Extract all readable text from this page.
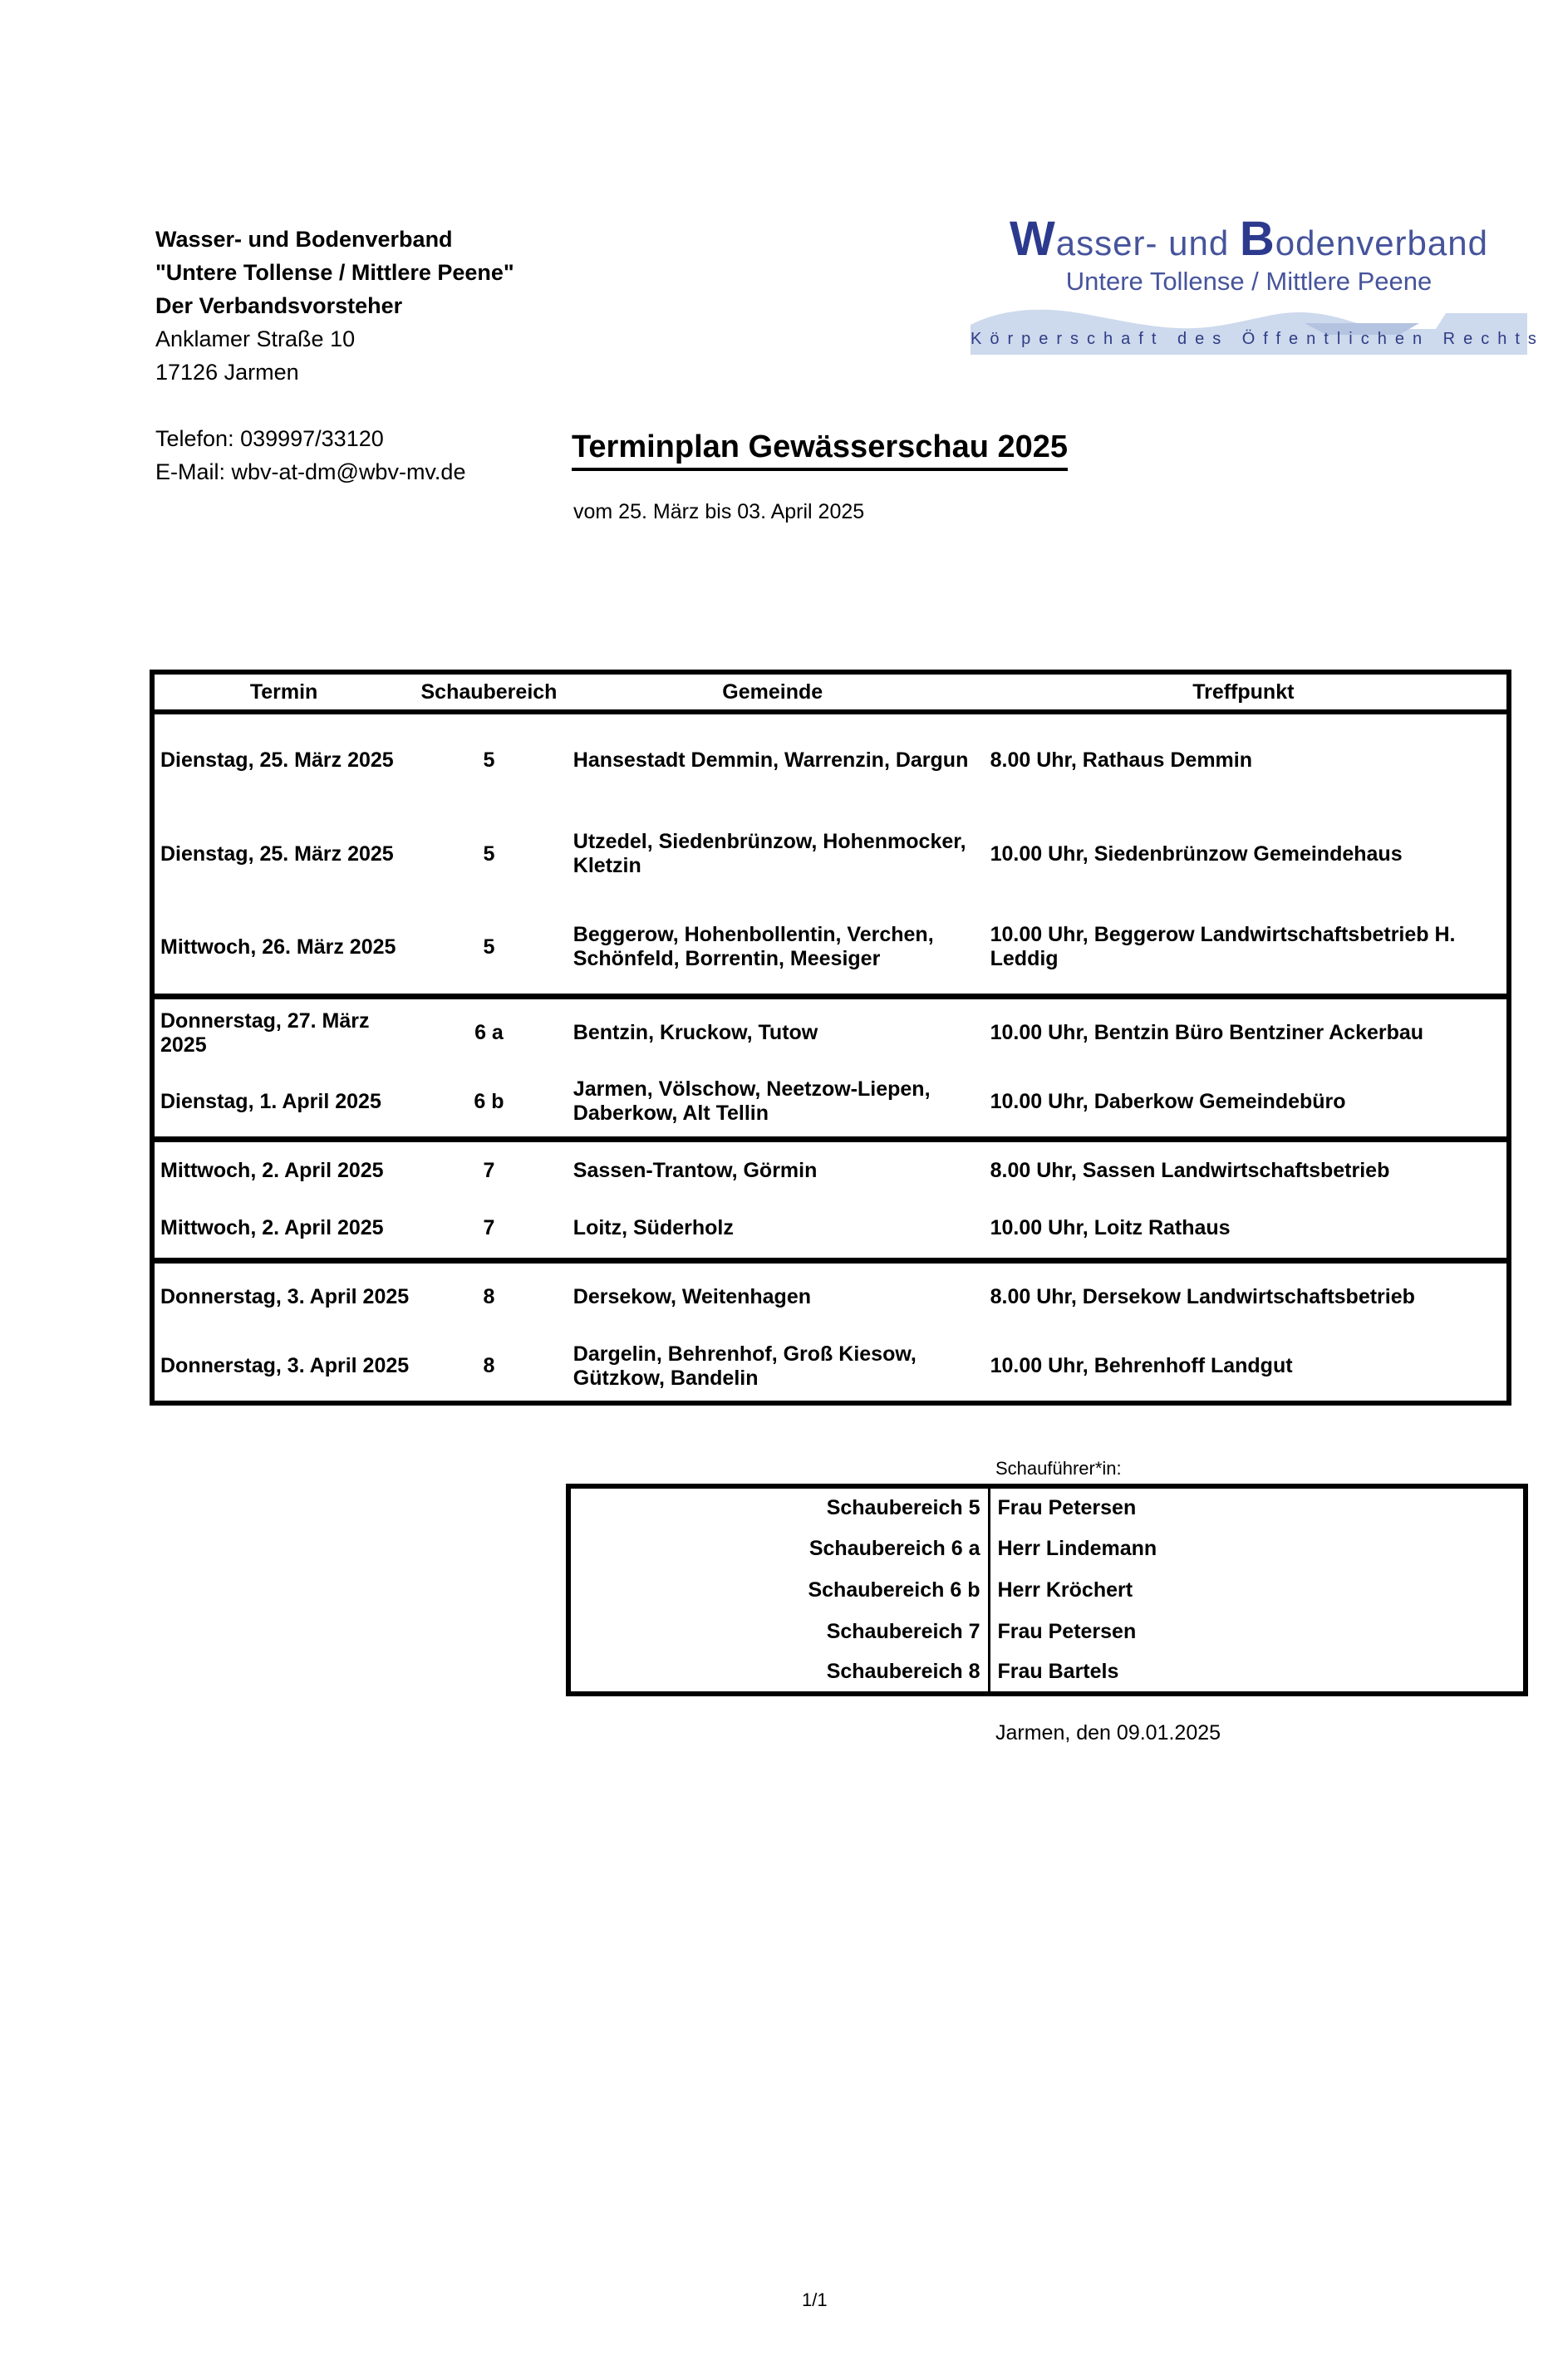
Wasser- und Bodenverband
"Untere Tollense / Mittlere Peene"
Der Verbandsvorsteher
Anklamer Straße 10
17126 Jarmen
Telefon: 039997/33120
E-Mail: wbv-at-dm@wbv-mv.de
Wasser- und Bodenverband
Untere Tollense / Mittlere Peene
Körperschaft des Öffentlichen Rechts
Terminplan Gewässerschau 2025
vom 25. März bis 03. April 2025
Termin	Schaubereich	Gemeinde	Treffpunkt
Dienstag, 25. März 2025	5	Hansestadt Demmin, Warrenzin, Dargun	8.00 Uhr, Rathaus Demmin
Dienstag, 25. März 2025	5	Utzedel, Siedenbrünzow, Hohenmocker, Kletzin	10.00 Uhr, Siedenbrünzow Gemeindehaus
Mittwoch, 26. März 2025	5	Beggerow, Hohenbollentin, Verchen, Schönfeld, Borrentin, Meesiger	10.00 Uhr, Beggerow Landwirtschaftsbetrieb H. Leddig
Donnerstag, 27. März 2025	6 a	Bentzin, Kruckow, Tutow	10.00 Uhr, Bentzin Büro Bentziner Ackerbau
Dienstag, 1. April 2025	6 b	Jarmen, Völschow, Neetzow-Liepen, Daberkow, Alt Tellin	10.00 Uhr, Daberkow Gemeindebüro
Mittwoch, 2. April 2025	7	Sassen-Trantow, Görmin	8.00 Uhr, Sassen Landwirtschaftsbetrieb
Mittwoch, 2. April 2025	7	Loitz, Süderholz	10.00 Uhr, Loitz Rathaus
Donnerstag, 3. April 2025	8	Dersekow, Weitenhagen	8.00 Uhr, Dersekow Landwirtschaftsbetrieb
Donnerstag, 3. April 2025	8	Dargelin, Behrenhof, Groß Kiesow, Gützkow, Bandelin	10.00 Uhr, Behrenhoff Landgut
Schauführer*in:
Schaubereich 5	Frau Petersen
Schaubereich 6 a	Herr Lindemann
Schaubereich 6 b	Herr Kröchert
Schaubereich 7	Frau Petersen
Schaubereich 8	Frau Bartels
Jarmen, den 09.01.2025
1/1
